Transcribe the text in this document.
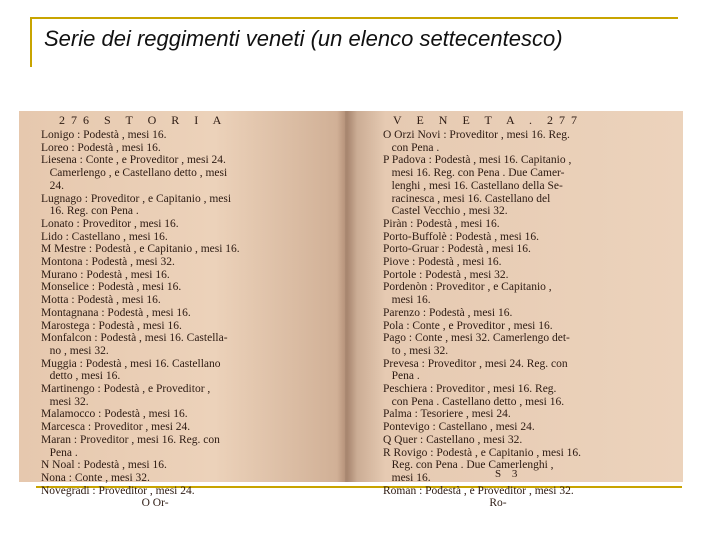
Serie dei reggimenti veneti (un elenco settecentesco)
276 S T O R I A
Lonigo : Podestà , mesi 16.
Loreo : Podestà , mesi 16.
Liesena : Conte , e Proveditor , mesi 24.
Camerlengo , e Castellano detto , mesi
24.
Lugnago : Proveditor , e Capitanio , mesi
16. Reg. con Pena .
Lonato : Proveditor , mesi 16.
Lido : Castellano , mesi 16.
M Mestre : Podestà , e Capitanio , mesi 16.
Montona : Podestà , mesi 32.
Murano : Podestà , mesi 16.
Monselice : Podestà , mesi 16.
Motta : Podestà , mesi 16.
Montagnana : Podestà , mesi 16.
Marostega : Podestà , mesi 16.
Monfalcon : Podestà , mesi 16. Castella-
no , mesi 32.
Muggia : Podestà , mesi 16. Castellano
detto , mesi 16.
Martinengo : Podestà , e Proveditor ,
mesi 32.
Malamocco : Podestà , mesi 16.
Marcesca : Proveditor , mesi 24.
Maran : Proveditor , mesi 16. Reg. con
Pena .
N Noal : Podestà , mesi 16.
Nona : Conte , mesi 32.
Novegradi : Proveditor , mesi 24.
O Or-
V E N E T A . 277
O Orzi Novi : Proveditor , mesi 16. Reg.
con Pena .
P Padova : Podestà , mesi 16. Capitanio ,
mesi 16. Reg. con Pena . Due Camer-
lenghi , mesi 16. Castellano della Se-
racinesca , mesi 16. Castellano del
Castel Vecchio , mesi 32.
Piràn : Podestà , mesi 16.
Porto-Buffolè : Podestà , mesi 16.
Porto-Gruar : Podestà , mesi 16.
Piove : Podestà , mesi 16.
Portole : Podestà , mesi 32.
Pordenòn : Proveditor , e Capitanio ,
mesi 16.
Parenzo : Podestà , mesi 16.
Pola : Conte , e Proveditor , mesi 16.
Pago : Conte , mesi 32. Camerlengo det-
to , mesi 32.
Prevesa : Proveditor , mesi 24. Reg. con
Pena .
Peschiera : Proveditor , mesi 16. Reg.
con Pena . Castellano detto , mesi 16.
Palma : Tesoriere , mesi 24.
Pontevigo : Castellano , mesi 24.
Q Quer : Castellano , mesi 32.
R Rovigo : Podestà , e Capitanio , mesi 16.
Reg. con Pena . Due Camerlenghi ,
mesi 16.
Roman : Podestà , e Proveditor , mesi 32.
Ro-
S 3
